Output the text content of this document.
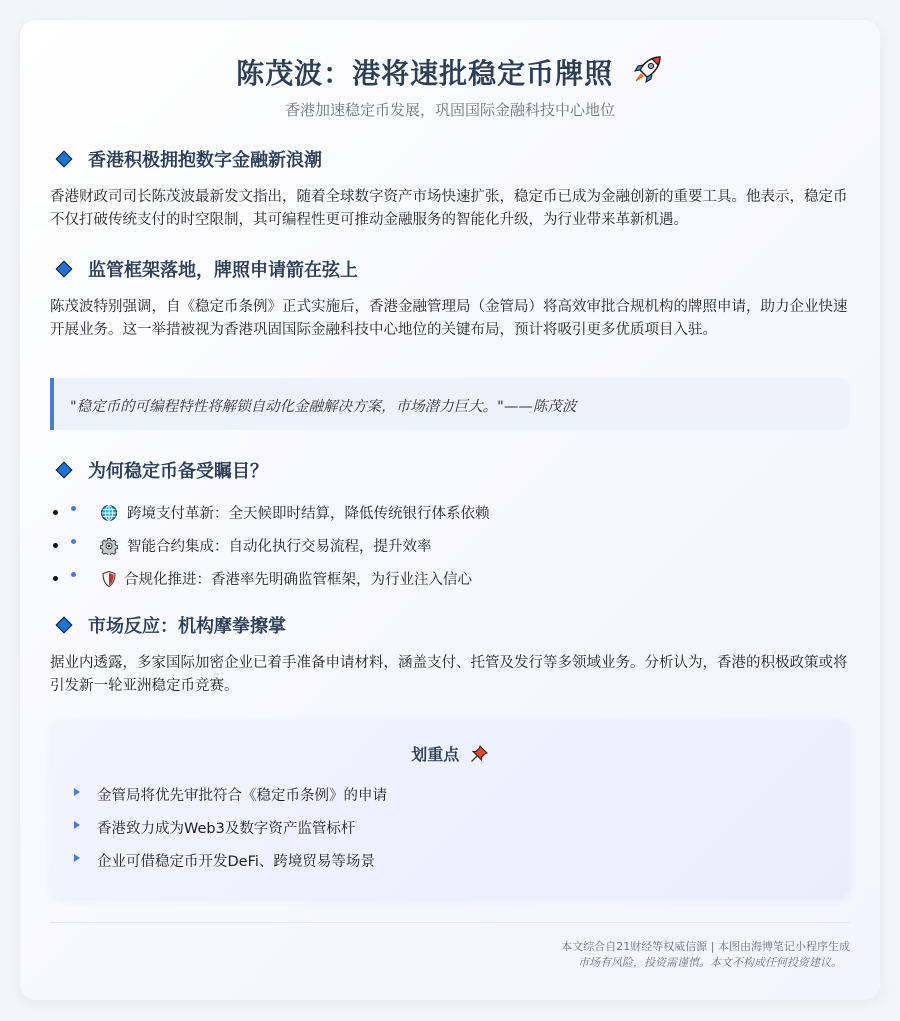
陈茂波：港将速批稳定币牌照
香港加速稳定币发展，巩固国际金融科技中心地位
香港积极拥抱数字金融新浪潮
香港财政司司长陈茂波最新发文指出，随着全球数字资产市场快速扩张，稳定币已成为金融创新的重要工具。他表示，稳定币不仅打破传统支付的时空限制，其可编程性更可推动金融服务的智能化升级，为行业带来革新机遇。
监管框架落地，牌照申请箭在弦上
陈茂波特别强调，自《稳定币条例》正式实施后，香港金融管理局（金管局）将高效审批合规机构的牌照申请，助力企业快速开展业务。这一举措被视为香港巩固国际金融科技中心地位的关键布局，预计将吸引更多优质项目入驻。
"稳定币的可编程特性将解锁自动化金融解决方案，市场潜力巨大。"——陈茂波
为何稳定币备受瞩目？
跨境支付革新：全天候即时结算，降低传统银行体系依赖
智能合约集成：自动化执行交易流程，提升效率
合规化推进：香港率先明确监管框架，为行业注入信心
市场反应：机构摩拳擦掌
据业内透露，多家国际加密企业已着手准备申请材料，涵盖支付、托管及发行等多领域业务。分析认为，香港的积极政策或将引发新一轮亚洲稳定币竞赛。
划重点
金管局将优先审批符合《稳定币条例》的申请
香港致力成为Web3及数字资产监管标杆
企业可借稳定币开发DeFi、跨境贸易等场景
本文综合自21财经等权威信源 | 本图由海博笔记小程序生成
市场有风险，投资需谨慎。本文不构成任何投资建议。
